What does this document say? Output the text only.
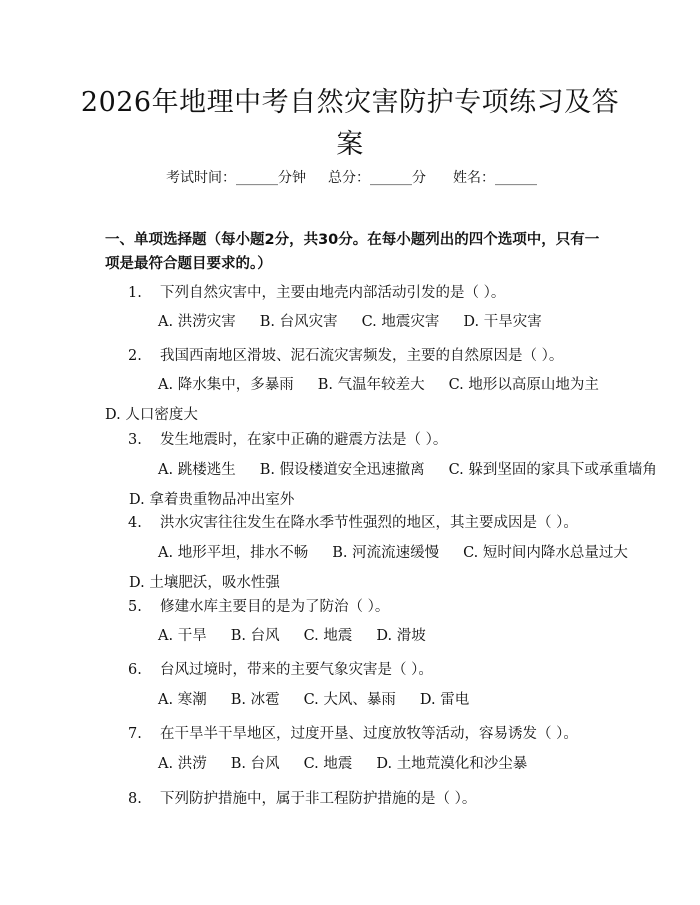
2026年地理中考自然灾害防护专项练习及答
案
考试时间：______分钟 总分：______分 姓名：______
一、单项选择题（每小题2分，共30分。在每小题列出的四个选项中，只有一项是最符合题目要求的。）
1. 下列自然灾害中，主要由地壳内部活动引发的是（ ）。
A. 洪涝灾害 B. 台风灾害 C. 地震灾害 D. 干旱灾害
2. 我国西南地区滑坡、泥石流灾害频发，主要的自然原因是（ ）。
A. 降水集中，多暴雨 B. 气温年较差大 C. 地形以高原山地为主
D. 人口密度大
3. 发生地震时，在家中正确的避震方法是（ ）。
A. 跳楼逃生 B. 假设楼道安全迅速撤离 C. 躲到坚固的家具下或承重墙角
D. 拿着贵重物品冲出室外
4. 洪水灾害往往发生在降水季节性强烈的地区，其主要成因是（ ）。
A. 地形平坦，排水不畅 B. 河流流速缓慢 C. 短时间内降水总量过大
D. 土壤肥沃，吸水性强
5. 修建水库主要目的是为了防治（ ）。
A. 干旱 B. 台风 C. 地震 D. 滑坡
6. 台风过境时，带来的主要气象灾害是（ ）。
A. 寒潮 B. 冰雹 C. 大风、暴雨 D. 雷电
7. 在干旱半干旱地区，过度开垦、过度放牧等活动，容易诱发（ ）。
A. 洪涝 B. 台风 C. 地震 D. 土地荒漠化和沙尘暴
8. 下列防护措施中，属于非工程防护措施的是（ ）。
